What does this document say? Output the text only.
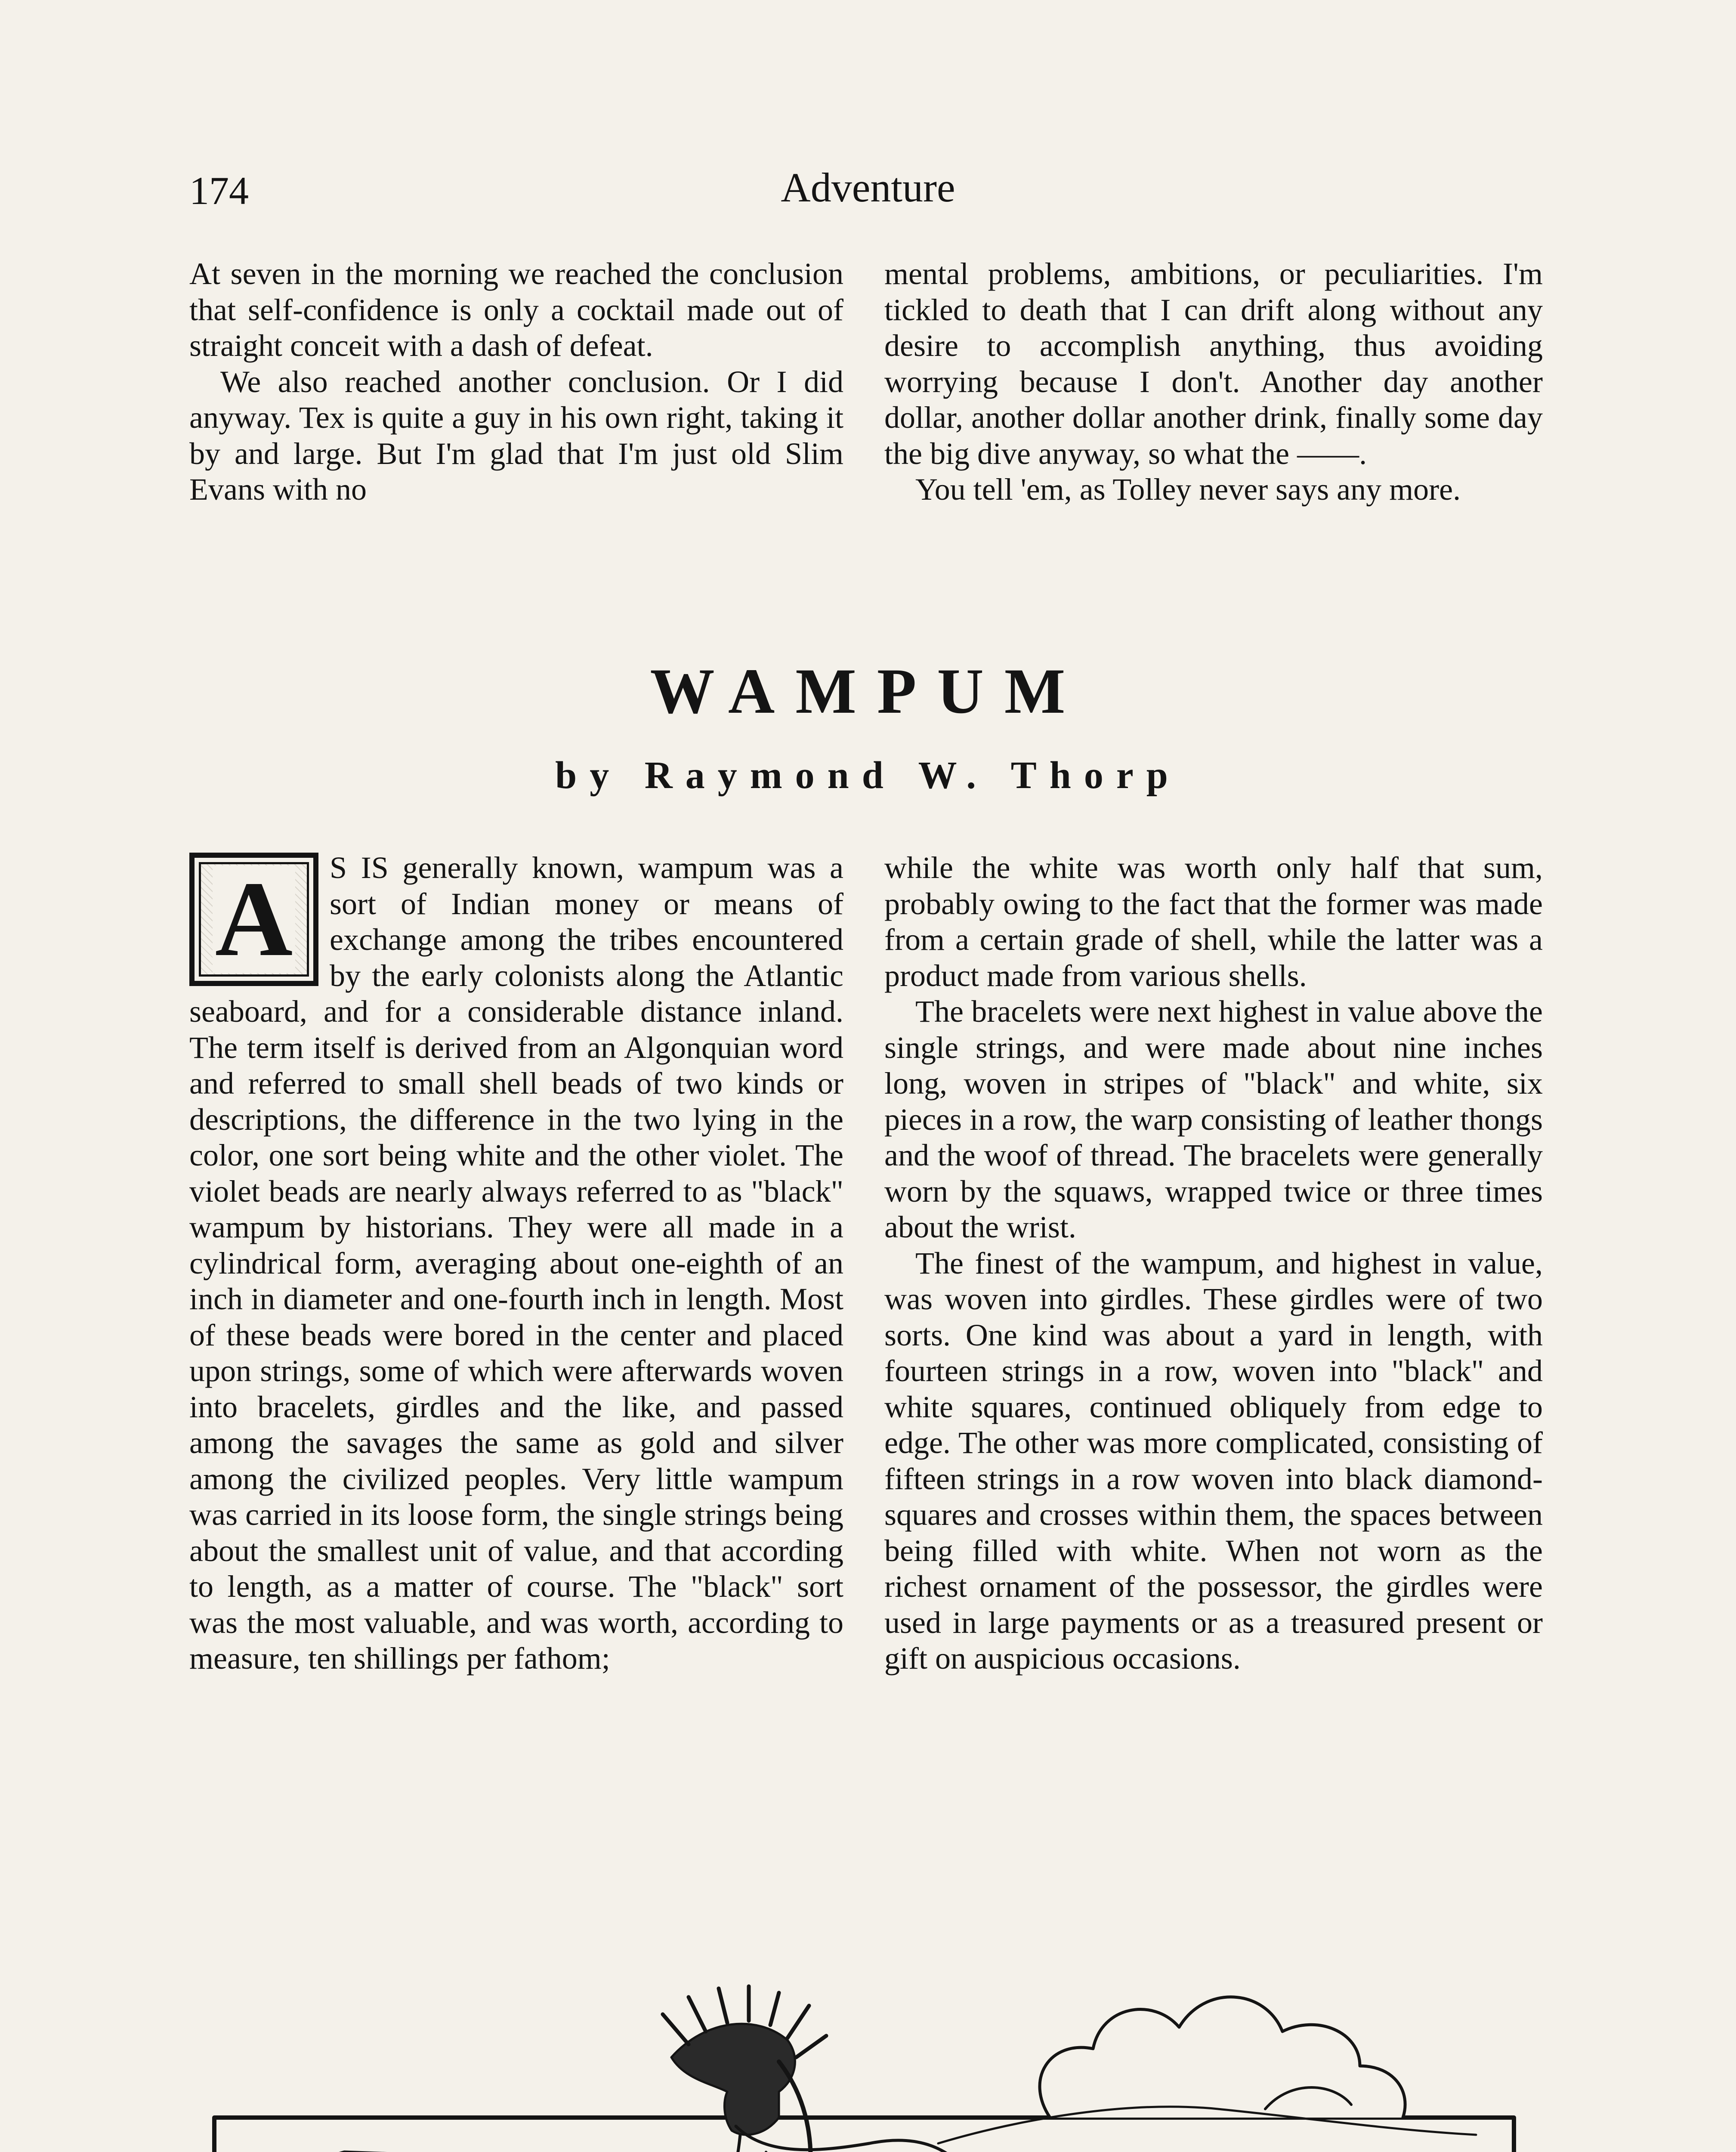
174	Adventure

At seven in the morning we reached the conclusion that self-confidence is only a cocktail made out of straight conceit with a dash of defeat.

We also reached another conclusion. Or I did anyway. Tex is quite a guy in his own right, taking it by and large. But I'm glad that I'm just old Slim Evans with no

mental problems, ambitions, or peculiarities. I'm tickled to death that I can drift along without any desire to accomplish anything, thus avoiding worrying because I don't. Another day another dollar, another dollar another drink, finally some day the big dive anyway, so what the ——.

You tell 'em, as Tolley never says any more.

WAMPUM
by Raymond W. Thorp
A	S IS generally known, wampum was a sort of Indian money or means of exchange among the tribes encountered by the early colonists along the Atlantic seaboard, and for a considerable distance inland. The term itself is derived from an Algonquian word and referred to small shell beads of two kinds or descriptions, the difference in the two lying in the color, one sort being white and the other violet. The violet beads are nearly always referred to as "black" wampum by historians. They were all made in a cylindrical form, averaging about one-eighth of an inch in diameter and one-fourth inch in length. Most of these beads were bored in the center and placed upon strings, some of which were afterwards woven into bracelets, girdles and the like, and passed among the savages the same as gold and silver among the civilized peoples. Very little wampum was carried in its loose form, the single strings being about the smallest unit of value, and that according to length, as a matter of course. The "black" sort was the most valuable, and was worth, according to measure, ten shillings per fathom;

while the white was worth only half that sum, probably owing to the fact that the former was made from a certain grade of shell, while the latter was a product made from various shells.

The bracelets were next highest in value above the single strings, and were made about nine inches long, woven in stripes of "black" and white, six pieces in a row, the warp consisting of leather thongs and the woof of thread. The bracelets were generally worn by the squaws, wrapped twice or three times about the wrist.

The finest of the wampum, and highest in value, was woven into girdles. These girdles were of two sorts. One kind was about a yard in length, with fourteen strings in a row, woven into "black" and white squares, continued obliquely from edge to edge. The other was more complicated, consisting of fifteen strings in a row woven into black diamond-squares and crosses within them, the spaces between being filled with white. When not worn as the richest ornament of the possessor, the girdles were used in large payments or as a treasured present or gift on auspicious occasions.
